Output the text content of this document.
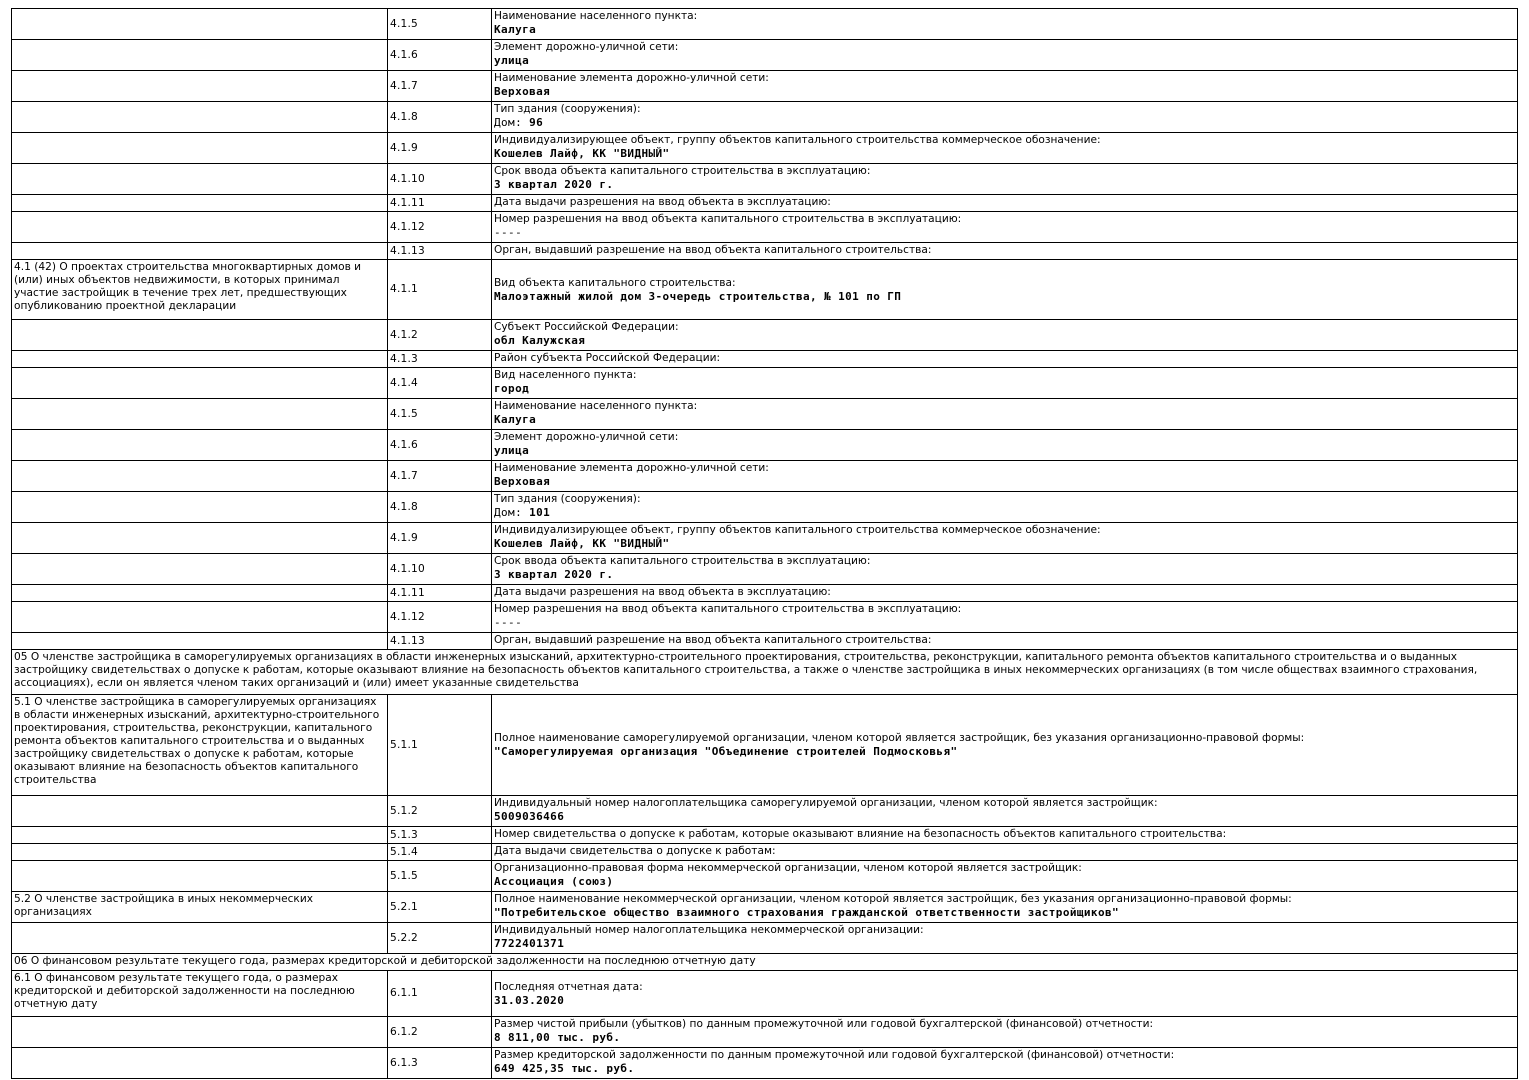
	4.1.5	Наименование населенного пункта:
Калуга

	4.1.6	Элемент дорожно-уличной сети:
улица

	4.1.7	Наименование элемента дорожно-уличной сети:
Верховая

	4.1.8	Тип здания (сооружения):
Дом: 96

	4.1.9	Индивидуализирующее объект, группу объектов капитального строительства коммерческое обозначение:
Кошелев Лайф, КК "ВИДНЫЙ"

	4.1.10	Срок ввода объекта капитального строительства в эксплуатацию:
3 квартал 2020 г.

	4.1.11	Дата выдачи разрешения на ввод объекта в эксплуатацию:

	4.1.12	Номер разрешения на ввод объекта капитального строительства в эксплуатацию:
----

	4.1.13	Орган, выдавший разрешение на ввод объекта капитального строительства:

4.1 (42) О проектах строительства многоквартирных домов и (или) иных объектов недвижимости, в которых принимал участие застройщик в течение трех лет, предшествующих опубликованию проектной декларации	4.1.1	Вид объекта капитального строительства:
Малоэтажный жилой дом 3-очередь строительства, № 101 по ГП

	4.1.2	Субъект Российской Федерации:
обл Калужская

	4.1.3	Район субъекта Российской Федерации:

	4.1.4	Вид населенного пункта:
город

	4.1.5	Наименование населенного пункта:
Калуга

	4.1.6	Элемент дорожно-уличной сети:
улица

	4.1.7	Наименование элемента дорожно-уличной сети:
Верховая

	4.1.8	Тип здания (сооружения):
Дом: 101

	4.1.9	Индивидуализирующее объект, группу объектов капитального строительства коммерческое обозначение:
Кошелев Лайф, КК "ВИДНЫЙ"

	4.1.10	Срок ввода объекта капитального строительства в эксплуатацию:
3 квартал 2020 г.

	4.1.11	Дата выдачи разрешения на ввод объекта в эксплуатацию:

	4.1.12	Номер разрешения на ввод объекта капитального строительства в эксплуатацию:
----

	4.1.13	Орган, выдавший разрешение на ввод объекта капитального строительства:

05 О членстве застройщика в саморегулируемых организациях в области инженерных изысканий, архитектурно-строительного проектирования, строительства, реконструкции, капитального ремонта объектов капитального строительства и о выданных застройщику свидетельствах о допуске к работам, которые оказывают влияние на безопасность объектов капитального строительства, а также о членстве застройщика в иных некоммерческих организациях (в том числе обществах взаимного страхования, ассоциациях), если он является членом таких организаций и (или) имеет указанные свидетельства		
5.1 О членстве застройщика в саморегулируемых организациях в области инженерных изысканий, архитектурно-строительного проектирования, строительства, реконструкции, капитального ремонта объектов капитального строительства и о выданных застройщику свидетельствах о допуске к работам, которые оказывают влияние на безопасность объектов капитального строительства	5.1.1	Полное наименование саморегулируемой организации, членом которой является застройщик, без указания организационно-правовой формы:
"Саморегулируемая организация "Объединение строителей Подмосковья"

	5.1.2	Индивидуальный номер налогоплательщика саморегулируемой организации, членом которой является застройщик:
5009036466

	5.1.3	Номер свидетельства о допуске к работам, которые оказывают влияние на безопасность объектов капитального строительства:

	5.1.4	Дата выдачи свидетельства о допуске к работам:

	5.1.5	Организационно-правовая форма некоммерческой организации, членом которой является застройщик:
Ассоциация (союз)

5.2 О членстве застройщика в иных некоммерческих организациях	5.2.1	Полное наименование некоммерческой организации, членом которой является застройщик, без указания организационно-правовой формы:
"Потребительское общество взаимного страхования гражданской ответственности застройщиков"

	5.2.2	Индивидуальный номер налогоплательщика некоммерческой организации:
7722401371

06 О финансовом результате текущего года, размерах кредиторской и дебиторской задолженности на последнюю отчетную дату		
6.1 О финансовом результате текущего года, о размерах кредиторской и дебиторской задолженности на последнюю отчетную дату	6.1.1	Последняя отчетная дата:
31.03.2020

	6.1.2	Размер чистой прибыли (убытков) по данным промежуточной или годовой бухгалтерской (финансовой) отчетности:
8 811,00 тыс. руб.

	6.1.3	Размер кредиторской задолженности по данным промежуточной или годовой бухгалтерской (финансовой) отчетности:
649 425,35 тыс. руб.
